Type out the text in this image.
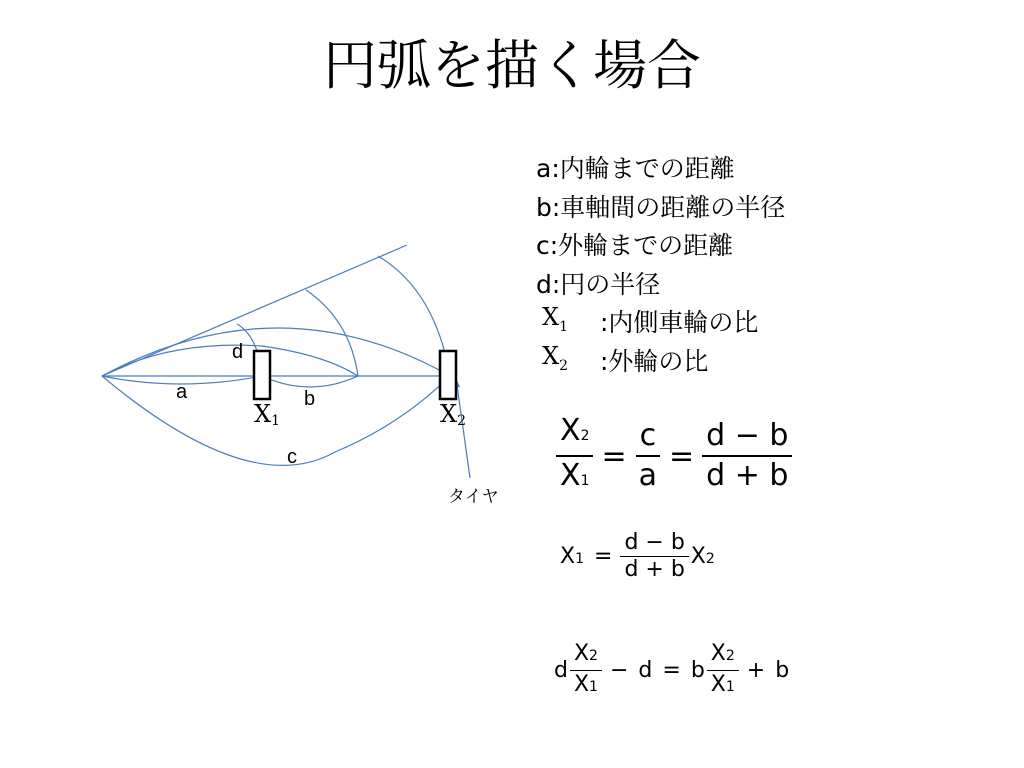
円弧を描く場合
d
a	b
c
X1	X2
タイヤ
a:内輪までの距離
b:車軸間の距離の半径
c:外輪までの距離
d:円の半径
$X_1$ :内側車輪の比
$X_2$ :外輪の比
$\frac{X2}{X1} = \frac{c}{a} = \frac{d - b}{d + b}$
$X1 = \frac{d - b}{d + b} X2$
d $\frac{X2}{X1} - d = b \frac{X2}{X1} + b$
